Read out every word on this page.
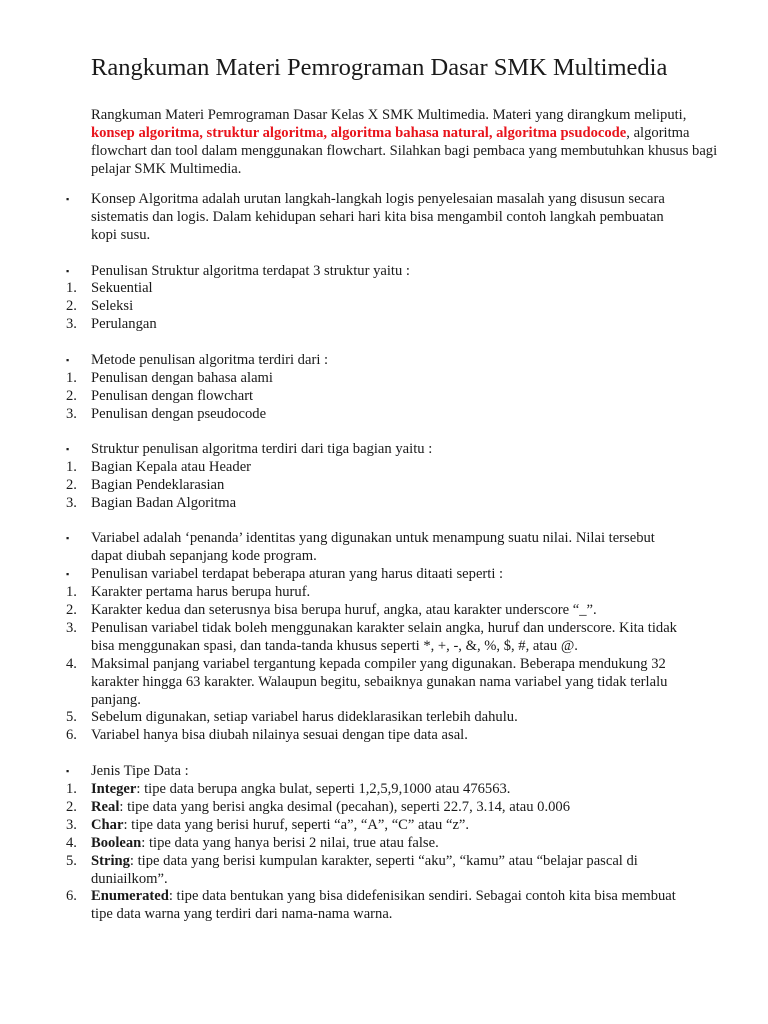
Rangkuman Materi Pemrograman Dasar SMK Multimedia

Rangkuman Materi Pemrograman Dasar Kelas X SMK Multimedia. Materi yang dirangkum meliputi,
konsep algoritma, struktur algoritma, algoritma bahasa natural, algoritma psudocode, algoritma flowchart dan tool dalam menggunakan flowchart. Silahkan bagi pembaca yang membutuhkan khusus bagi pelajar SMK Multimedia.

▪ Konsep Algoritma adalah urutan langkah-langkah logis penyelesaian masalah yang disusun secara
sistematis dan logis. Dalam kehidupan sehari hari kita bisa mengambil contoh langkah pembuatan
kopi susu.
▪ Penulisan Struktur algoritma terdapat 3 struktur yaitu :
1. Sekuential
2. Seleksi
3. Perulangan
▪ Metode penulisan algoritma terdiri dari :
1. Penulisan dengan bahasa alami
2. Penulisan dengan flowchart
3. Penulisan dengan pseudocode
▪ Struktur penulisan algoritma terdiri dari tiga bagian yaitu :
1. Bagian Kepala atau Header
2. Bagian Pendeklarasian
3. Bagian Badan Algoritma
▪ Variabel adalah ‘penanda’ identitas yang digunakan untuk menampung suatu nilai. Nilai tersebut
dapat diubah sepanjang kode program.
▪ Penulisan variabel terdapat beberapa aturan yang harus ditaati seperti :
1. Karakter pertama harus berupa huruf.
2. Karakter kedua dan seterusnya bisa berupa huruf, angka, atau karakter underscore “_”.
3. Penulisan variabel tidak boleh menggunakan karakter selain angka, huruf dan underscore. Kita tidak
bisa menggunakan spasi, dan tanda-tanda khusus seperti *, +, -, &, %, $, #, atau @.
4. Maksimal panjang variabel tergantung kepada compiler yang digunakan. Beberapa mendukung 32
karakter hingga 63 karakter. Walaupun begitu, sebaiknya gunakan nama variabel yang tidak terlalu
panjang.
5. Sebelum digunakan, setiap variabel harus dideklarasikan terlebih dahulu.
6. Variabel hanya bisa diubah nilainya sesuai dengan tipe data asal.
▪ Jenis Tipe Data :
1. Integer: tipe data berupa angka bulat, seperti 1,2,5,9,1000 atau 476563.
2. Real: tipe data yang berisi angka desimal (pecahan), seperti 22.7, 3.14, atau 0.006
3. Char: tipe data yang berisi huruf, seperti “a”, “A”, “C” atau “z”.
4. Boolean: tipe data yang hanya berisi 2 nilai, true atau false.
5. String: tipe data yang berisi kumpulan karakter, seperti “aku”, “kamu” atau “belajar pascal di
duniailkom”.
6. Enumerated: tipe data bentukan yang bisa didefenisikan sendiri. Sebagai contoh kita bisa membuat
tipe data warna yang terdiri dari nama-nama warna.
